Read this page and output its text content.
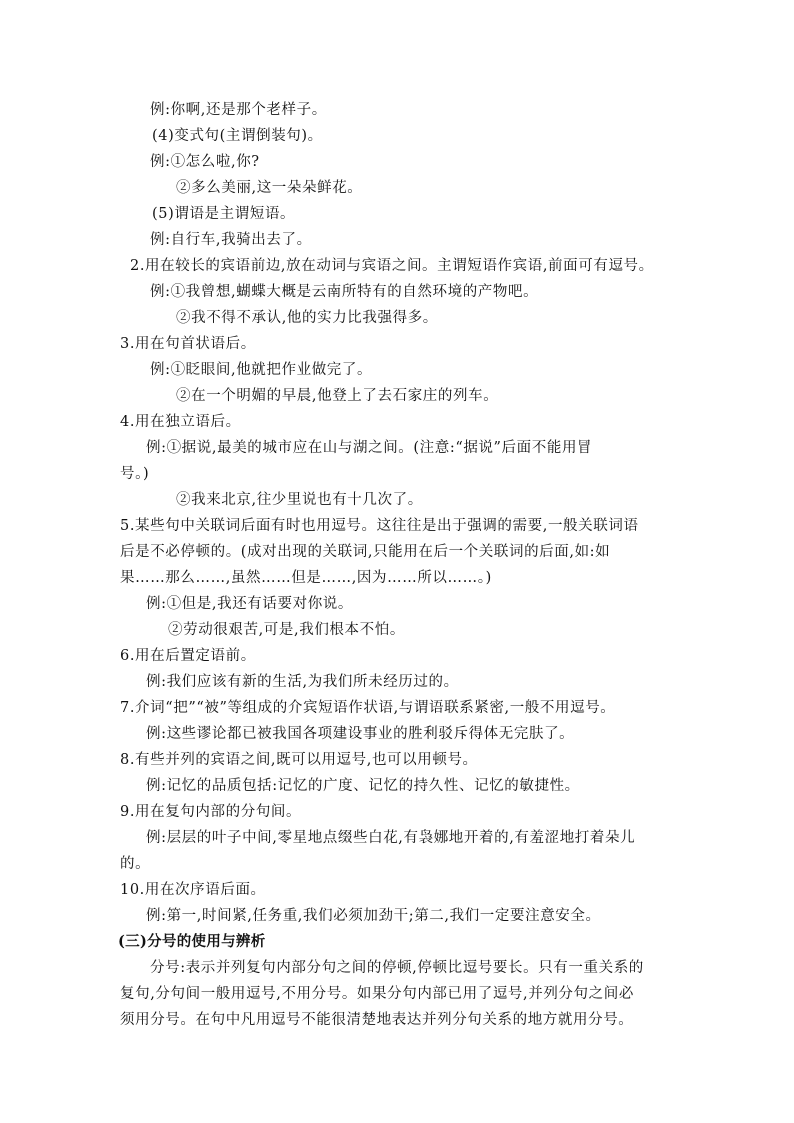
例:你啊,还是那个老样子。
(4)变式句(主谓倒装句)。
例:①怎么啦,你?
②多么美丽,这一朵朵鲜花。
(5)谓语是主谓短语。
例:自行车,我骑出去了。
2.用在较长的宾语前边,放在动词与宾语之间。主谓短语作宾语,前面可有逗号。
例:①我曾想,蝴蝶大概是云南所特有的自然环境的产物吧。
②我不得不承认,他的实力比我强得多。
3.用在句首状语后。
例:①眨眼间,他就把作业做完了。
②在一个明媚的早晨,他登上了去石家庄的列车。
4.用在独立语后。
例:①据说,最美的城市应在山与湖之间。(注意:“据说”后面不能用冒
号。)
②我来北京,往少里说也有十几次了。
5.某些句中关联词后面有时也用逗号。这往往是出于强调的需要,一般关联词语
后是不必停顿的。(成对出现的关联词,只能用在后一个关联词的后面,如:如
果……那么……,虽然……但是……,因为……所以……。)
例:①但是,我还有话要对你说。
②劳动很艰苦,可是,我们根本不怕。
6.用在后置定语前。
例:我们应该有新的生活,为我们所未经历过的。
7.介词“把”“被”等组成的介宾短语作状语,与谓语联系紧密,一般不用逗号。
例:这些谬论都已被我国各项建设事业的胜利驳斥得体无完肤了。
8.有些并列的宾语之间,既可以用逗号,也可以用顿号。
例:记忆的品质包括:记忆的广度、记忆的持久性、记忆的敏捷性。
9.用在复句内部的分句间。
例:层层的叶子中间,零星地点缀些白花,有袅娜地开着的,有羞涩地打着朵儿
的。
10.用在次序语后面。
例:第一,时间紧,任务重,我们必须加劲干;第二,我们一定要注意安全。
(三)分号的使用与辨析
分号:表示并列复句内部分句之间的停顿,停顿比逗号要长。只有一重关系的
复句,分句间一般用逗号,不用分号。如果分句内部已用了逗号,并列分句之间必
须用分号。在句中凡用逗号不能很清楚地表达并列分句关系的地方就用分号。
